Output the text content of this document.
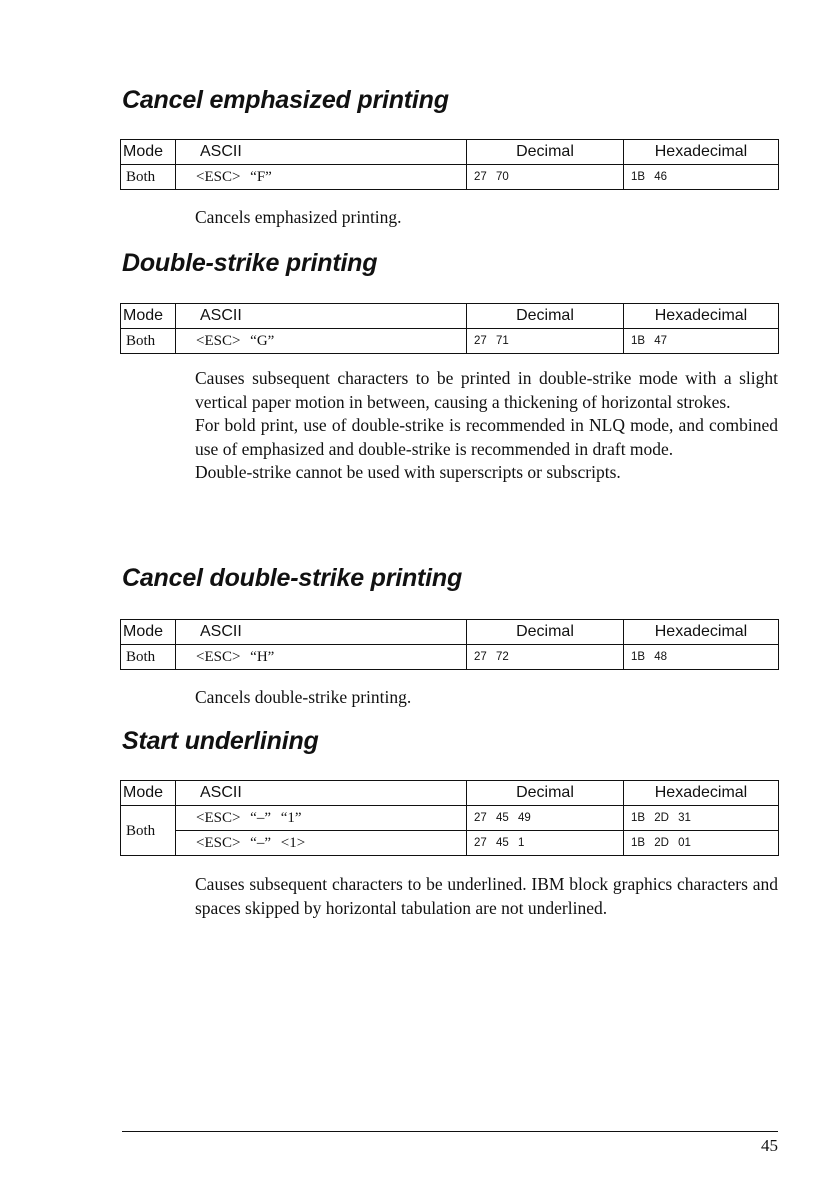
Cancel emphasized printing
Mode	ASCII	Decimal	Hexadecimal
Both	<ESC> “F”	27 70	1B 46

Cancels emphasized printing.

Double-strike printing
Mode	ASCII	Decimal	Hexadecimal
Both	<ESC> “G”	27 71	1B 47

Causes subsequent characters to be printed in double-strike mode with a slight vertical paper motion in between, causing a thickening of horizontal strokes.

For bold print, use of double-strike is recommended in NLQ mode, and combined use of emphasized and double-strike is recommended in draft mode.

Double-strike cannot be used with superscripts or subscripts.

Cancel double-strike printing
Mode	ASCII	Decimal	Hexadecimal
Both	<ESC> “H”	27 72	1B 48

Cancels double-strike printing.

Start underlining
Mode	ASCII	Decimal	Hexadecimal
Both	<ESC> “–” “1”	27 45 49	1B 2D 31
	<ESC> “–” <1>	27 45 1	1B 2D 01

Causes subsequent characters to be underlined. IBM block graphics characters and spaces skipped by horizontal tabulation are not underlined.

45
